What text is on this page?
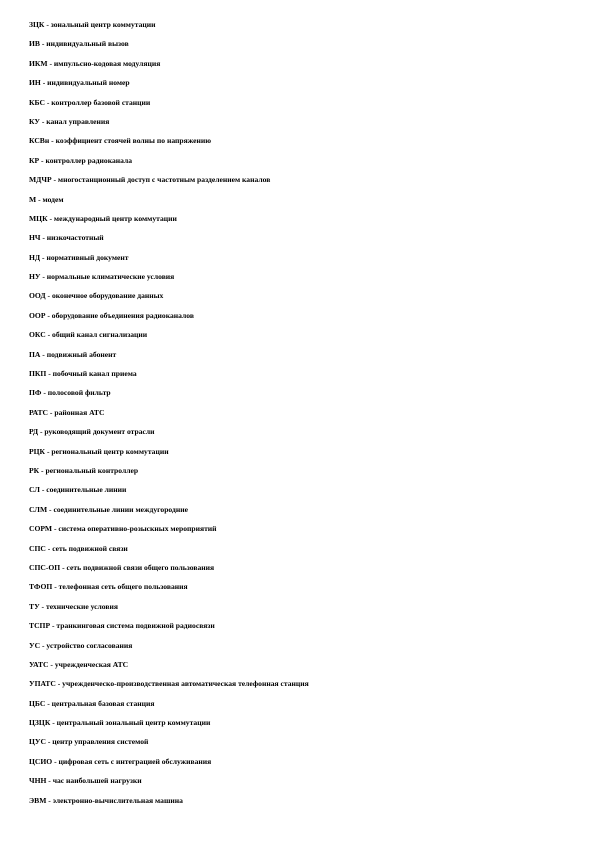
ЗЦК - зональный центр коммутации
ИВ - индивидуальный вызов
ИКМ - импульсно-кодовая модуляция
ИН - индивидуальный номер
КБС - контроллер базовой станции
КУ - канал управления
КСВн - коэффициент стоячей волны по напряжению
КР - контроллер радиоканала
МДЧР - многостанционный доступ с частотным разделением каналов
М - модем
МЦК - международный центр коммутации
НЧ - низкочастотный
НД - нормативный документ
НУ - нормальные климатические условия
ООД - оконечное оборудование данных
ООР - оборудование объединения радиоканалов
ОКС - общий канал сигнализации
ПА - подвижный абонент
ПКП - побочный канал приема
ПФ - полосовой фильтр
РАТС - районная АТС
РД - руководящий документ отрасли
РЦК - региональный центр коммутации
РК - региональный контроллер
СЛ - соединительные линии
СЛМ - соединительные линии междугородние
СОРМ - система оперативно-розыскных мероприятий
СПС - сеть подвижной связи
СПС-ОП - сеть подвижной связи общего пользования
ТФОП - телефонная сеть общего пользования
ТУ - технические условия
ТСПР - транкинговая система подвижной радиосвязи
УС - устройство согласования
УАТС - учрежденческая АТС
УПАТС - учрежденческо-производственная автоматическая телефонная станция
ЦБС - центральная базовая станция
ЦЗЦК - центральный зональный центр коммутации
ЦУС - центр управления системой
ЦСИО - цифровая сеть с интеграцией обслуживания
ЧНН - час наибольшей нагрузки
ЭВМ - электронно-вычислительная машина
